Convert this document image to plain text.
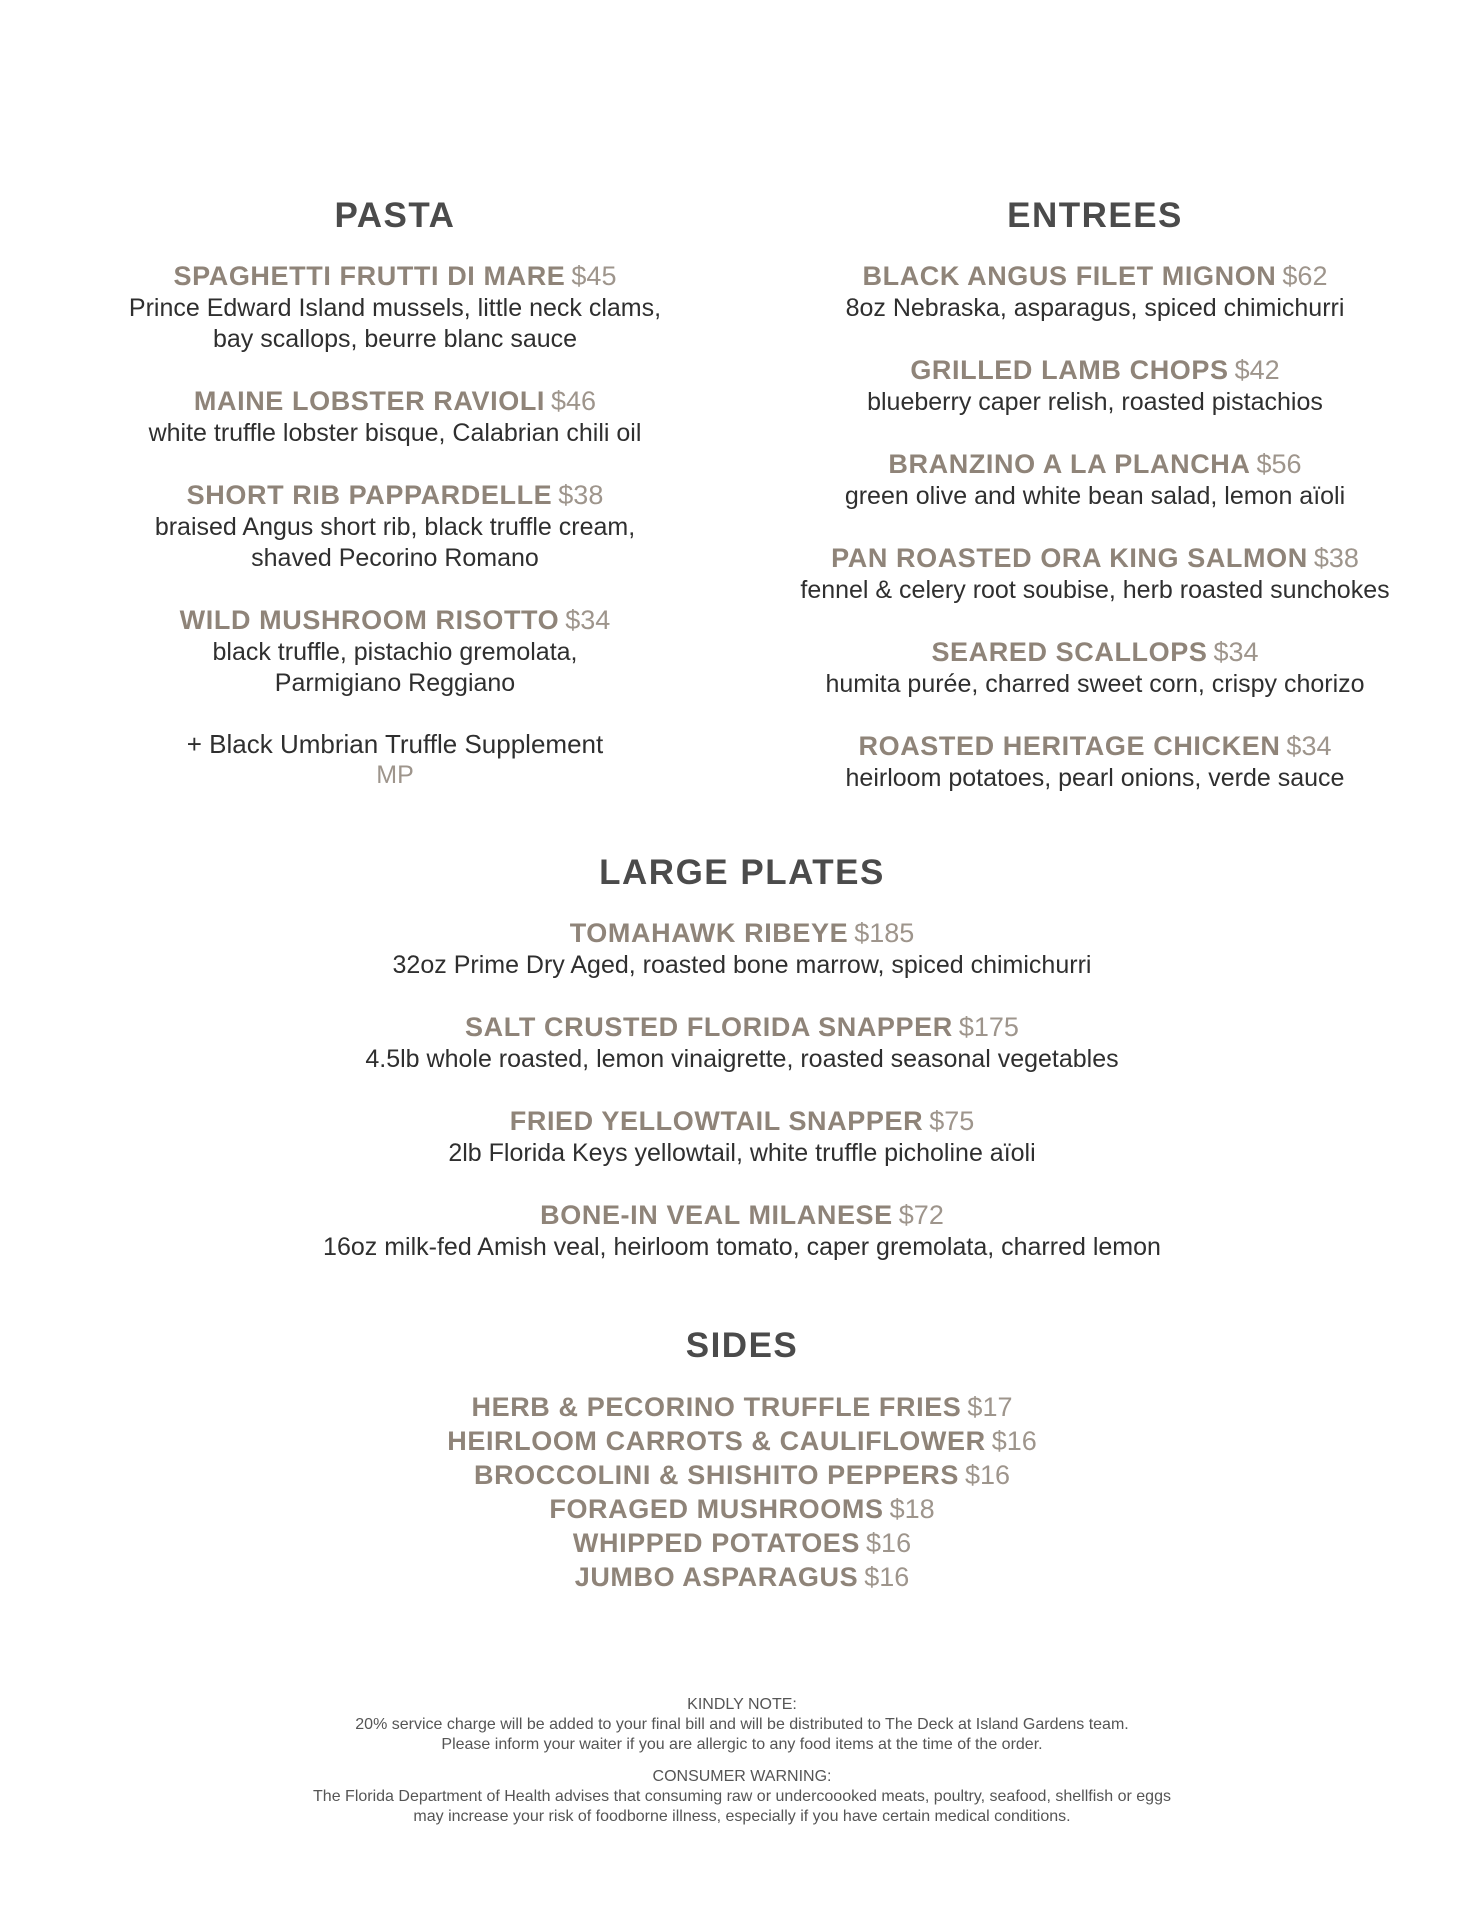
PASTA
SPAGHETTI FRUTTI DI MARE $45
Prince Edward Island mussels, little neck clams,
bay scallops, beurre blanc sauce
MAINE LOBSTER RAVIOLI $46
white truffle lobster bisque, Calabrian chili oil
SHORT RIB PAPPARDELLE $38
braised Angus short rib, black truffle cream,
shaved Pecorino Romano
WILD MUSHROOM RISOTTO $34
black truffle, pistachio gremolata,
Parmigiano Reggiano
+ Black Umbrian Truffle Supplement
MP
ENTREES
BLACK ANGUS FILET MIGNON $62
8oz Nebraska, asparagus, spiced chimichurri
GRILLED LAMB CHOPS $42
blueberry caper relish, roasted pistachios
BRANZINO A LA PLANCHA $56
green olive and white bean salad, lemon aïoli
PAN ROASTED ORA KING SALMON $38
fennel & celery root soubise, herb roasted sunchokes
SEARED SCALLOPS $34
humita purée, charred sweet corn, crispy chorizo
ROASTED HERITAGE CHICKEN $34
heirloom potatoes, pearl onions, verde sauce
LARGE PLATES
TOMAHAWK RIBEYE $185
32oz Prime Dry Aged, roasted bone marrow, spiced chimichurri
SALT CRUSTED FLORIDA SNAPPER $175
4.5lb whole roasted, lemon vinaigrette, roasted seasonal vegetables
FRIED YELLOWTAIL SNAPPER $75
2lb Florida Keys yellowtail, white truffle picholine aïoli
BONE-IN VEAL MILANESE $72
16oz milk-fed Amish veal, heirloom tomato, caper gremolata, charred lemon
SIDES
HERB & PECORINO TRUFFLE FRIES $17
HEIRLOOM CARROTS & CAULIFLOWER $16
BROCCOLINI & SHISHITO PEPPERS $16
FORAGED MUSHROOMS $18
WHIPPED POTATOES $16
JUMBO ASPARAGUS $16
KINDLY NOTE:
20% service charge will be added to your final bill and will be distributed to The Deck at Island Gardens team.
Please inform your waiter if you are allergic to any food items at the time of the order.
CONSUMER WARNING:
The Florida Department of Health advises that consuming raw or undercoooked meats, poultry, seafood, shellfish or eggs
may increase your risk of foodborne illness, especially if you have certain medical conditions.
